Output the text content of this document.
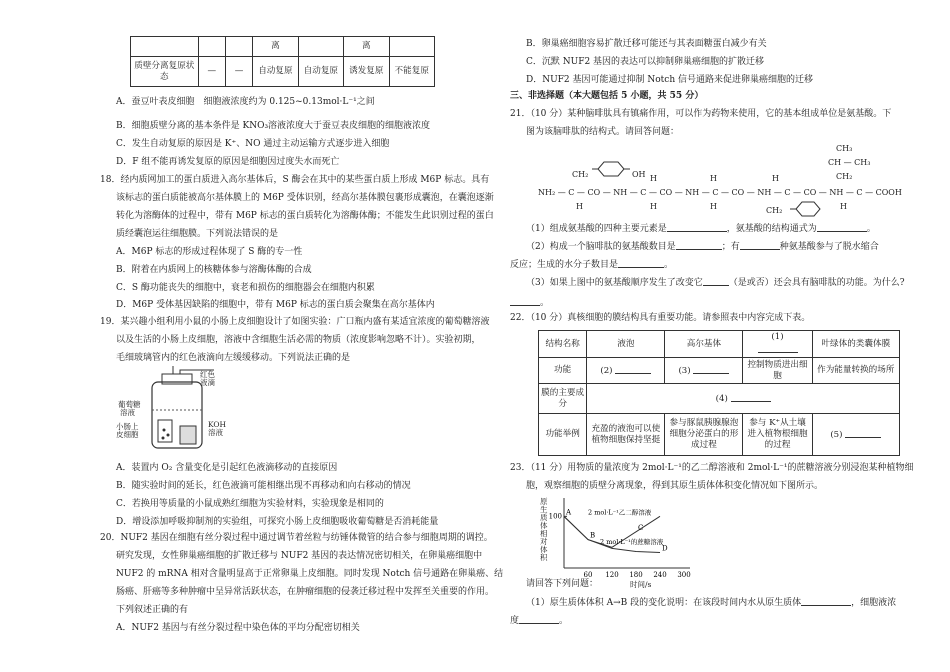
			离		离	
质壁分离复原状态	—	—	自动复原	自动复原	诱发复原	不能复原
A．蚕豆叶表皮细胞　细胞液浓度约为 0.125~0.13mol·L⁻¹之间
B．细胞质壁分离的基本条件是 KNO₃溶液浓度大于蚕豆表皮细胞的细胞液浓度
C．发生自动复原的原因是 K⁺、NO 通过主动运输方式逐步进入细胞
D．F 组不能再诱发复原的原因是细胞因过度失水而死亡
18．经内质网加工的蛋白质进入高尔基体后，S 酶会在其中的某些蛋白质上形成 M6P 标志。具有
该标志的蛋白质能被高尔基体膜上的 M6P 受体识别，经高尔基体膜包裹形成囊泡，在囊泡逐渐
转化为溶酶体的过程中，带有 M6P 标志的蛋白质转化为溶酶体酶；不能发生此识别过程的蛋白
质经囊泡运往细胞膜。下列说法错误的是
A．M6P 标志的形成过程体现了 S 酶的专一性
B．附着在内质网上的核糖体参与溶酶体酶的合成
C．S 酶功能丧失的细胞中，衰老和损伤的细胞器会在细胞内积累
D．M6P 受体基因缺陷的细胞中，带有 M6P 标志的蛋白质会聚集在高尔基体内
19．某兴趣小组利用小鼠的小肠上皮细胞设计了如图实验：广口瓶内盛有某适宜浓度的葡萄糖溶液
以及生活的小肠上皮细胞，溶液中含细胞生活必需的物质（浓度影响忽略不计）。实验初期，
毛细玻璃管内的红色液滴向左缓缓移动。下列说法正确的是
红色
液滴
葡萄糖
溶液
小肠上
皮细胞
KOH
溶液
A．装置内 O₂ 含量变化是引起红色液滴移动的直接原因
B．随实验时间的延长，红色液滴可能相继出现不再移动和向右移动的情况
C．若换用等质量的小鼠成熟红细胞为实验材料，实验现象是相同的
D．增设添加呼吸抑制剂的实验组，可探究小肠上皮细胞吸收葡萄糖是否消耗能量
20．NUF2 基因在细胞有丝分裂过程中通过调节着丝粒与纺锤体微管的结合参与细胞周期的调控。
研究发现，女性卵巢癌细胞的扩散迁移与 NUF2 基因的表达情况密切相关，在卵巢癌细胞中
NUF2 的 mRNA 相对含量明显高于正常卵巢上皮细胞。同时发现 Notch 信号通路在卵巢癌、结
肠癌、肝癌等多种肿瘤中呈异常活跃状态，在肿瘤细胞的侵袭迁移过程中发挥至关重要的作用。
下列叙述正确的有
A．NUF2 基因与有丝分裂过程中染色体的平均分配密切相关
B．卵巢癌细胞容易扩散迁移可能还与其表面糖蛋白减少有关
C．沉默 NUF2 基因的表达可以抑制卵巢癌细胞的扩散迁移
D．NUF2 基因可能通过抑制 Notch 信号通路来促进卵巢癌细胞的迁移
三、非选择题（本大题包括 5 小题，共 55 分）
21．（10 分）某种脑啡肽具有镇痛作用，可以作为药物来使用，它的基本组成单位是氨基酸。下
图为该脑啡肽的结构式。请回答问题：
NH₂ — C — CO — NH — C — CO — NH — C — CO — NH — C — CO — NH — C — COOH
CH₂	OH
H
H
H
H
H
H
CH₂
CH₃
CH — CH₃
CH₂
H
（1）组成氨基酸的四种主要元素是	，氨基酸的结构通式为	。
（2）构成一个脑啡肽的氨基酸数目是	；有	种氨基酸参与了脱水缩合
反应；生成的水分子数目是	。
（3）如果上图中的氨基酸顺序发生了改变它	（是或否）还会具有脑啡肽的功能。为什么?
。
22．（10 分）真核细胞的膜结构具有重要功能。请参照表中内容完成下表。
结构名称	液泡	高尔基体	(1)	叶绿体的类囊体膜
功能	(2)	(3)	控制物质进出细胞	作为能量转换的场所
膜的主要成分	(4)			
功能举例	充盈的液泡可以使植物细胞保持坚挺	参与豚鼠胰腺腺泡细胞分泌蛋白的形成过程	参与 K⁺从土壤进入植物根细胞的过程	(5)
23．（11 分）用物质的量浓度为 2mol·L⁻¹的乙二醇溶液和 2mol·L⁻¹的蔗糖溶液分别浸泡某种植物细
胞，观察细胞的质壁分离现象，得到其原生质体体积变化情况如下图所示。
原生质体相对体积
60 120 180 240 300
100
2 mol·L⁻¹乙二醇溶液
2 mol·L⁻¹的蔗糖溶液
A
B
C
D
时间/s
请回答下列问题：
（1）原生质体体积 A→B 段的变化说明：在该段时间内水从原生质体	，细胞液浓
度	。
